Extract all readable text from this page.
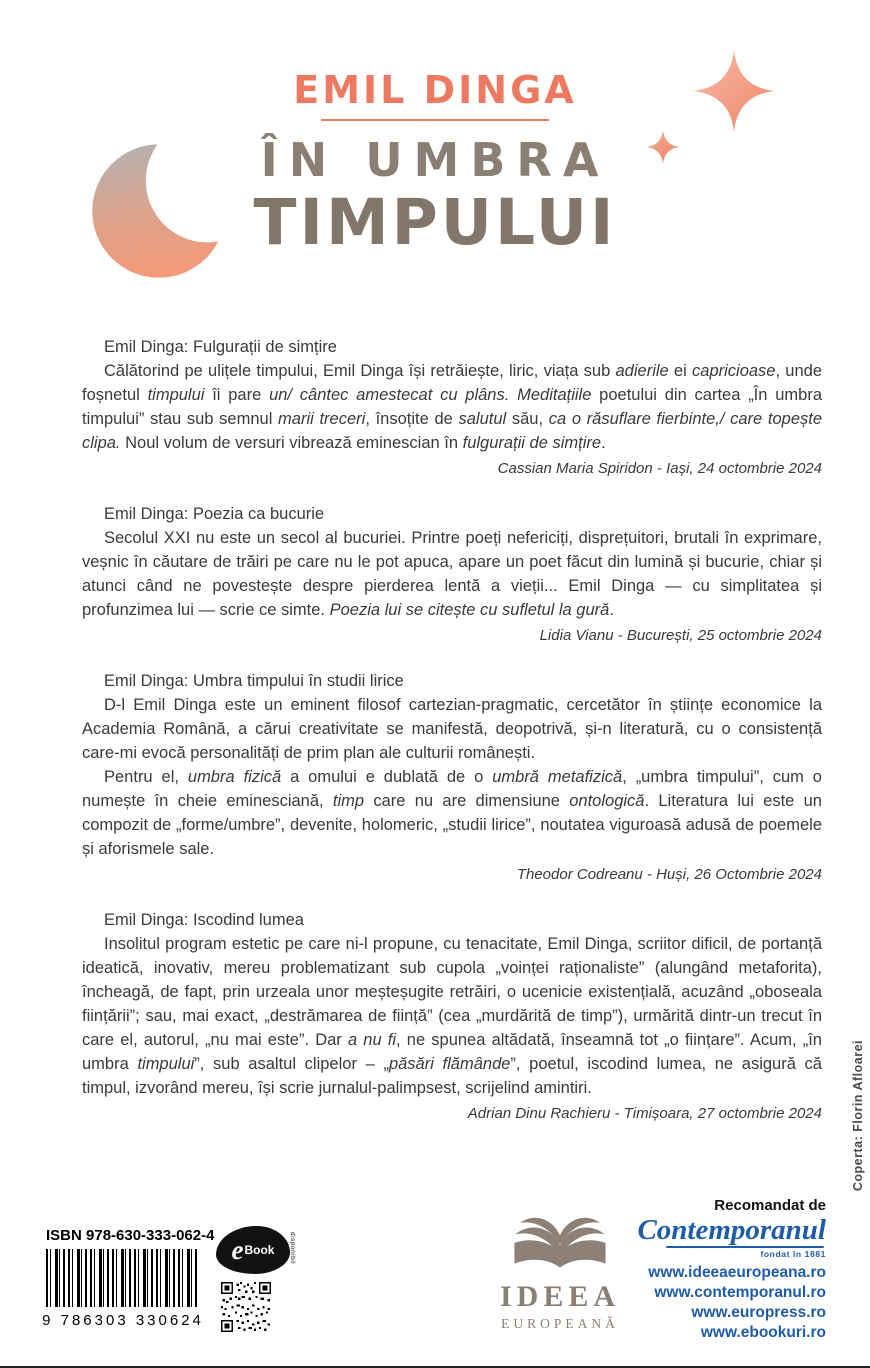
EMIL DINGA
ÎN UMBRA
TIMPULUI
Emil Dinga: Fulgurații de simțire

Călătorind pe ulițele timpului, Emil Dinga își retrăiește, liric, viața sub adierile ei capricioase, unde foșnetul timpului îi pare un/ cântec amestecat cu plâns. Meditațiile poetului din cartea „În umbra timpului” stau sub semnul marii treceri, însoțite de salutul său, ca o răsuflare fierbinte,/ care topește clipa. Noul volum de versuri vibrează eminescian în fulgurații de simțire.

Cassian Maria Spiridon - Iași, 24 octombrie 2024

Emil Dinga: Poezia ca bucurie

Secolul XXI nu este un secol al bucuriei. Printre poeți nefericiți, disprețuitori, brutali în exprimare, veșnic în căutare de trăiri pe care nu le pot apuca, apare un poet făcut din lumină și bucurie, chiar și atunci când ne povestește despre pierderea lentă a vieții... Emil Dinga — cu simplitatea și profunzimea lui — scrie ce simte. Poezia lui se citește cu sufletul la gură.

Lidia Vianu - București, 25 octombrie 2024

Emil Dinga: Umbra timpului în studii lirice

D-l Emil Dinga este un eminent filosof cartezian-pragmatic, cercetător în științe economice la Academia Română, a cărui creativitate se manifestă, deopotrivă, și-n literatură, cu o consistență care-mi evocă personalități de prim plan ale culturii românești.

Pentru el, umbra fizică a omului e dublată de o umbră metafizică, „umbra timpului”, cum o numește în cheie eminesciană, timp care nu are dimensiune ontologică. Literatura lui este un compozit de „forme/umbre”, devenite, holomeric, „studii lirice”, noutatea viguroasă adusă de poemele și aforismele sale.

Theodor Codreanu - Huși, 26 Octombrie 2024

Emil Dinga: Iscodind lumea

Insolitul program estetic pe care ni-l propune, cu tenacitate, Emil Dinga, scriitor dificil, de portanță ideatică, inovativ, mereu problematizant sub cupola „voinței raționaliste” (alungând metaforita), încheagă, de fapt, prin urzeala unor meșteșugite retrăiri, o ucenicie existențială, acuzând „oboseala ființării”; sau, mai exact, „destrămarea de ființă” (cea „murdărită de timp”), urmărită dintr-un trecut în care el, autorul, „nu mai este”. Dar a nu fi, ne spunea altădată, înseamnă tot „o ființare”. Acum, „în umbra timpului”, sub asaltul clipelor – „păsări flămânde”, poetul, iscodind lumea, ne asigură că timpul, izvorând mereu, își scrie jurnalul-palimpsest, scrijelind amintiri.

Adrian Dinu Rachieru - Timișoara, 27 octombrie 2024

ISBN 978-630-333-062-4
9 786303 330624
e Book disponibil
IDEEA
EUROPEANĂ
Recomandat de
Contemporanul
fondat în 1881
www.ideeaeuropeana.ro
www.contemporanul.ro
www.europress.ro
www.ebookuri.ro
Coperta: Florin Afloarei
